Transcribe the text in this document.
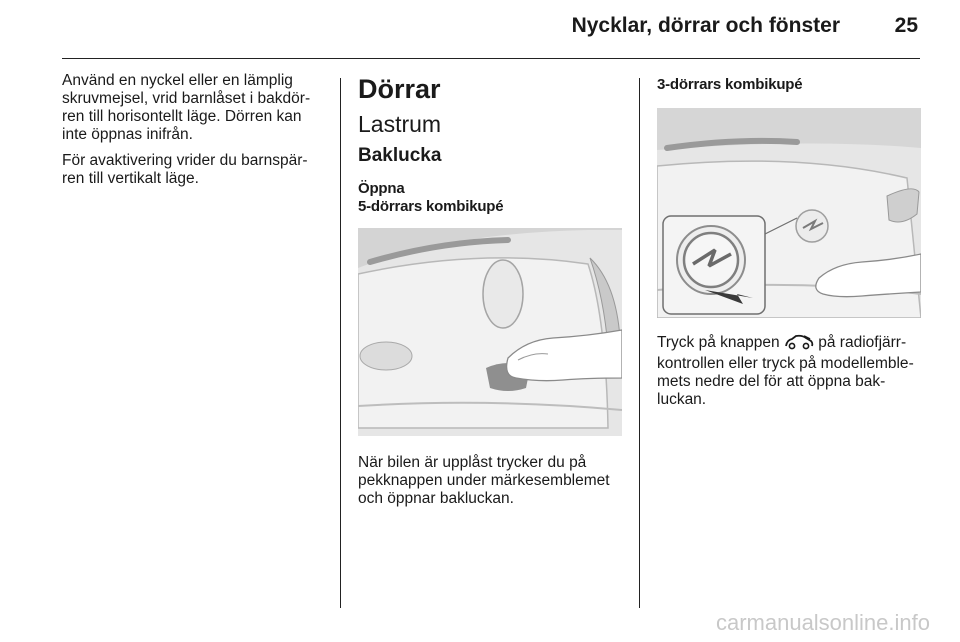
Nycklar, dörrar och fönster	25

Använd en nyckel eller en lämplig skruvmejsel, vrid barnlåset i bakdörren till horisontellt läge. Dörren kan inte öppnas inifrån.

För avaktivering vrider du barnspärren till vertikalt läge.

Dörrar
Lastrum
Baklucka
Öppna
5-dörrars kombikupé

När bilen är upplåst trycker du på pekknappen under märkesemblemet och öppnar bakluckan.

3-dörrars kombikupé

Tryck på knappen  på radiofjärrkontrollen eller tryck på modellemblemets nedre del för att öppna bakluckan.

carmanualsonline.info
